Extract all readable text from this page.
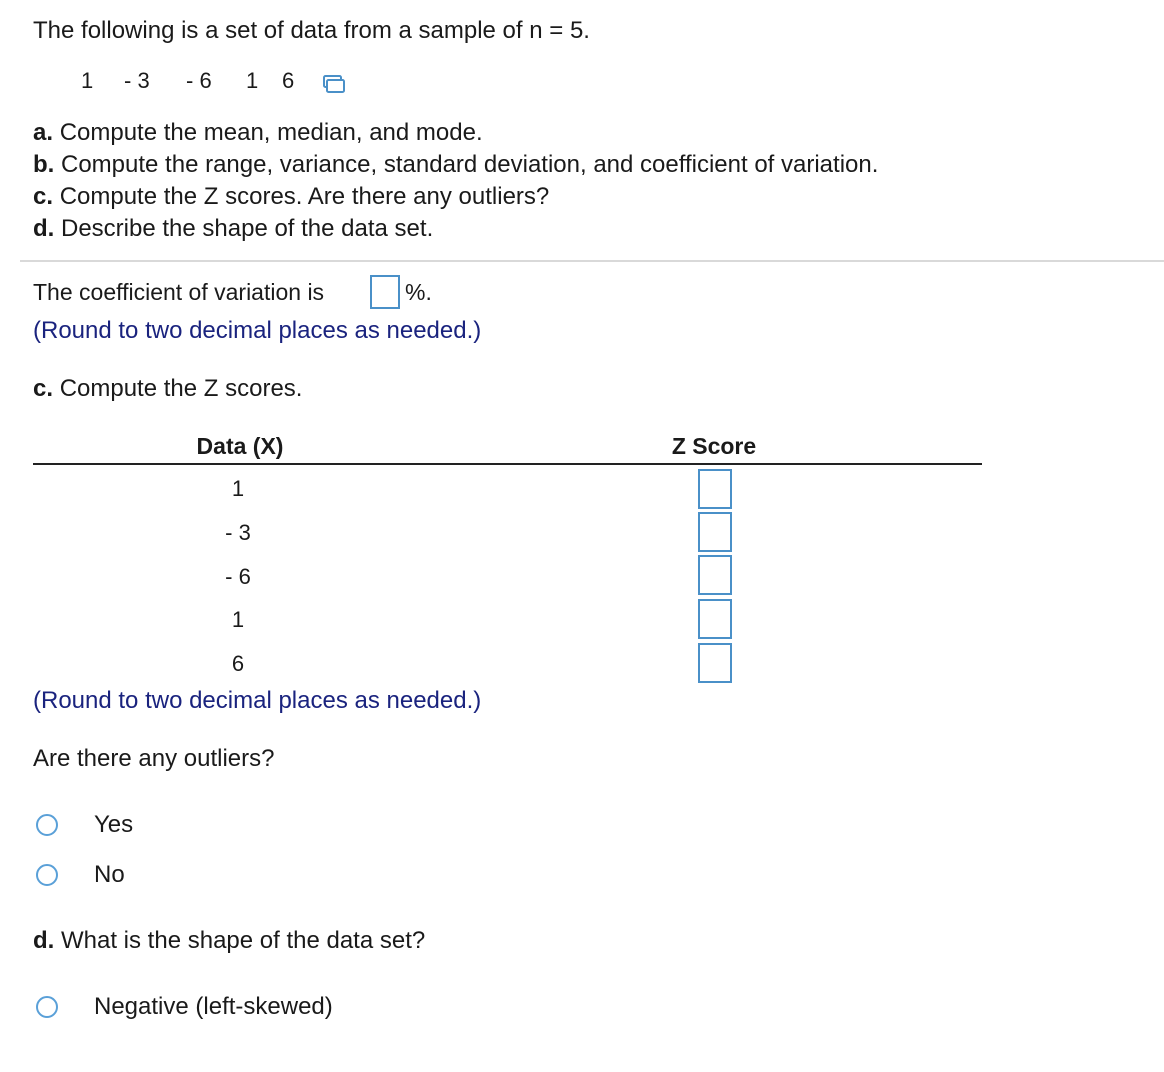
The following is a set of data from a sample of n = 5.
1 - 3 - 6 1 6
a. Compute the mean, median, and mode.
b. Compute the range, variance, standard deviation, and coefficient of variation.
c. Compute the Z scores. Are there any outliers?
d. Describe the shape of the data set.
The coefficient of variation is	%.
(Round to two decimal places as needed.)
c. Compute the Z scores.
Data (X)	Z Score
1
- 3
- 6
1
6
(Round to two decimal places as needed.)
Are there any outliers?
Yes
No
d. What is the shape of the data set?
Negative (left-skewed)
